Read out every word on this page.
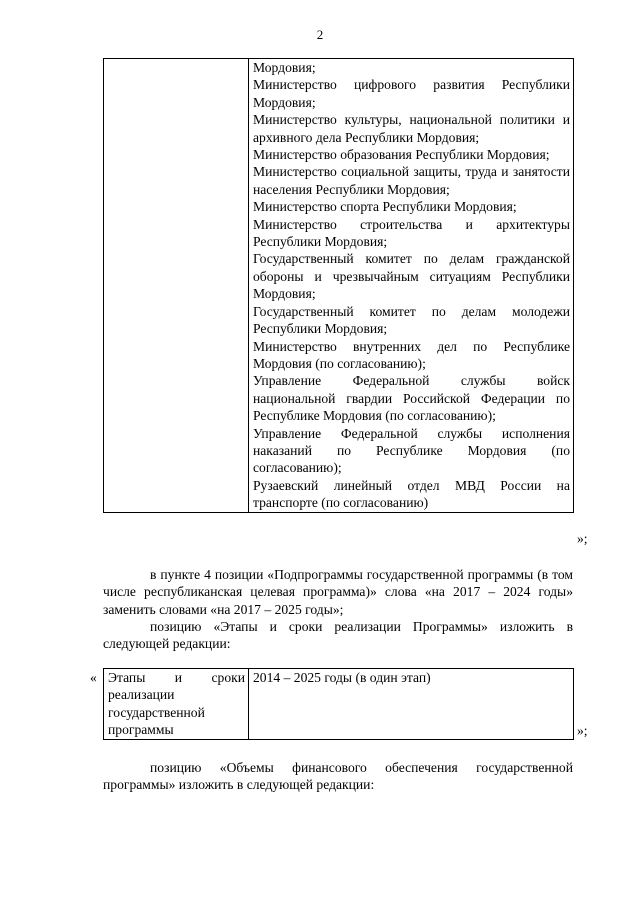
2

Мордовия;
Министерство цифрового развития Республики Мордовия;
Министерство культуры, национальной политики и архивного дела Республики Мордовия;
Министерство образования Республики Мордовия;
Министерство социальной защиты, труда и занятости населения Республики Мордовия;
Министерство спорта Республики Мордовия;
Министерство строительства и архитектуры Республики Мордовия;
Государственный комитет по делам гражданской обороны и чрезвычайным ситуациям Республики Мордовия;
Государственный комитет по делам молодежи Республики Мордовия;
Министерство внутренних дел по Республике Мордовия (по согласованию);
Управление Федеральной службы войск национальной гвардии Российской Федерации по Республике Мордовия (по согласованию);
Управление Федеральной службы исполнения наказаний по Республике Мордовия (по согласованию);
Рузаевский линейный отдел МВД России на транспорте (по согласованию)
»;

в пункте 4 позиции «Подпрограммы государственной программы (в том числе республиканская целевая программа)» слова «на 2017 – 2024 годы» заменить словами «на 2017 – 2025 годы»;

позицию «Этапы и сроки реализации Программы» изложить в следующей редакции:

« Этапы и сроки реализации государственной программы	2014 – 2025 годы (в один этап)
»;

позицию «Объемы финансового обеспечения государственной программы» изложить в следующей редакции:
